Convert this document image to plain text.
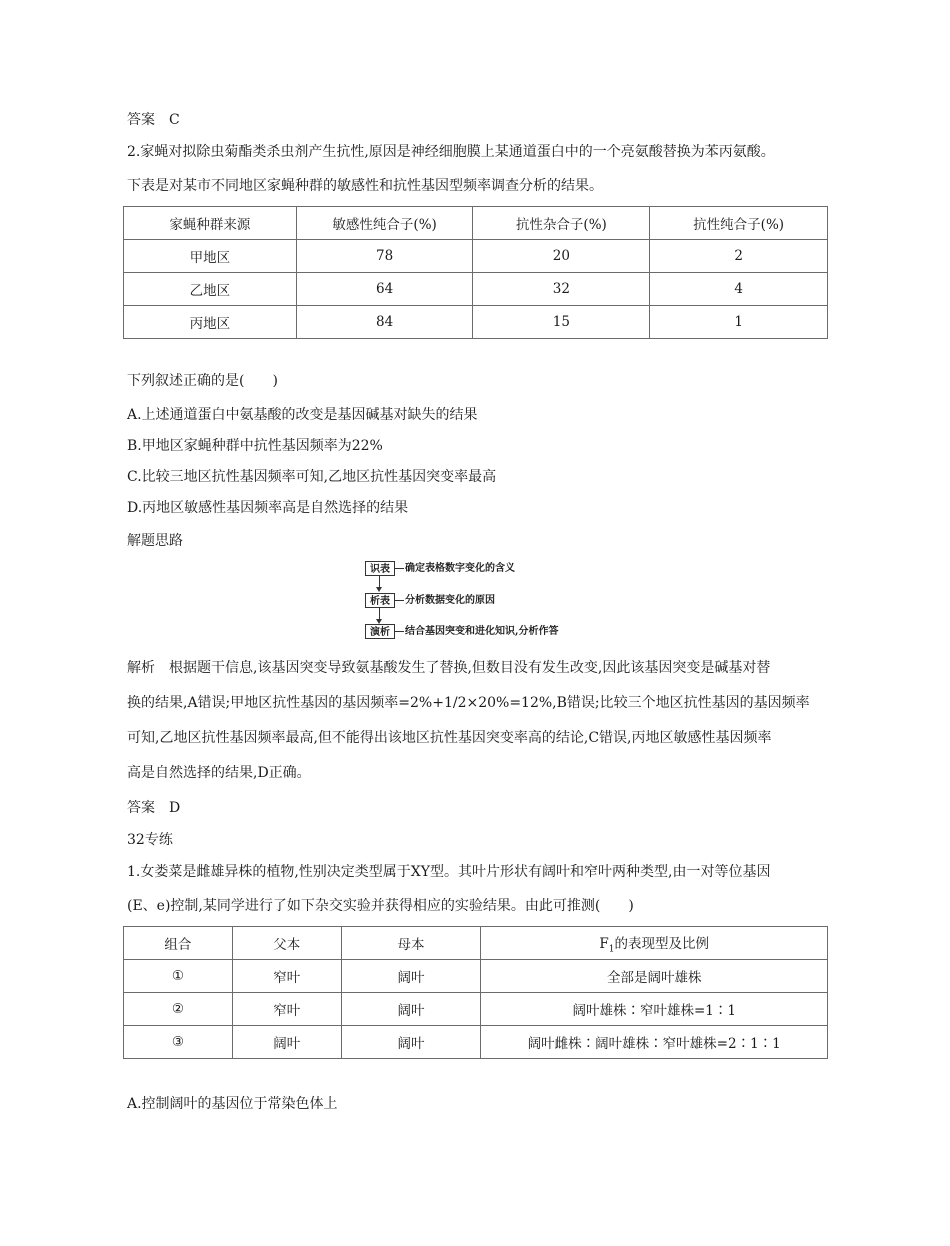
答案　C
2.家蝇对拟除虫菊酯类杀虫剂产生抗性,原因是神经细胞膜上某通道蛋白中的一个亮氨酸替换为苯丙氨酸。
下表是对某市不同地区家蝇种群的敏感性和抗性基因型频率调查分析的结果。
家蝇种群来源	敏感性纯合子(%)	抗性杂合子(%)	抗性纯合子(%)
甲地区	78	20	2
乙地区	64	32	4
丙地区	84	15	1
下列叙述正确的是(　　)
A.上述通道蛋白中氨基酸的改变是基因碱基对缺失的结果
B.甲地区家蝇种群中抗性基因频率为22%
C.比较三地区抗性基因频率可知,乙地区抗性基因突变率最高
D.丙地区敏感性基因频率高是自然选择的结果
解题思路
识表	确定表格数字变化的含义
析表	分析数据变化的原因
演析	结合基因突变和进化知识,分析作答
解析　根据题干信息,该基因突变导致氨基酸发生了替换,但数目没有发生改变,因此该基因突变是碱基对替
换的结果,A错误;甲地区抗性基因的基因频率=2%+1/2×20%=12%,B错误;比较三个地区抗性基因的基因频率
可知,乙地区抗性基因频率最高,但不能得出该地区抗性基因突变率高的结论,C错误,丙地区敏感性基因频率
高是自然选择的结果,D正确。
答案　D
32专练
1.女娄菜是雌雄异株的植物,性别决定类型属于XY型。其叶片形状有阔叶和窄叶两种类型,由一对等位基因
(E、e)控制,某同学进行了如下杂交实验并获得相应的实验结果。由此可推测(　　)
组合	父本	母本	$F_1$的表现型及比例
①	窄叶	阔叶	全部是阔叶雄株
②	窄叶	阔叶	阔叶雄株∶窄叶雄株=1∶1
③	阔叶	阔叶	阔叶雌株∶阔叶雄株∶窄叶雄株=2∶1∶1
A.控制阔叶的基因位于常染色体上
